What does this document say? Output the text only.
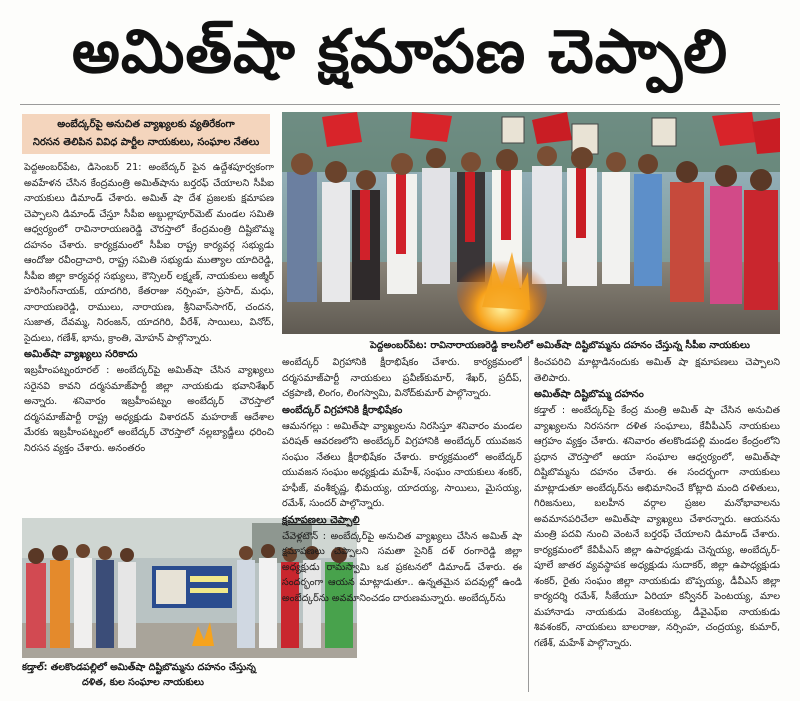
అమిత్‌షా క్షమాపణ చెప్పాలి
అంబేద్కర్‌పై అనుచిత వ్యాఖ్యలకు వ్యతిరేకంగా
నిరసన తెలిపిన వివిధ పార్టీల నాయకులు, సంఘాల నేతలు
పెద్దఅంబర్‌పేట: రావినారాయణరెడ్డి కాలనీలో అమిత్‌షా దిష్టిబొమ్మను దహనం చేస్తున్న సీపీఐ నాయకులు

పెద్దఅంబర్‌పేట, డిసెంబర్ 21: అంబేద్కర్ పైన ఉద్దేశపూర్వకంగా అవహేళన చేసిన కేంద్రమంత్రి అమిత్‌షాను బర్తరఫ్ చేయాలని సీపీఐ నాయకులు డిమాండ్ చేశారు. అమిత్ షా దేశ ప్రజలకు క్షమాపణ చెప్పాలని డిమాండ్ చేస్తూ సీపీఐ అబ్దుల్లాపూర్‌మెట్ మండల సమితి ఆధ్వర్యంలో రావినారాయణరెడ్డి చౌరస్తాలో కేంద్రమంత్రి దిష్టిబొమ్మ దహనం చేశారు. కార్యక్రమంలో సీపీఐ రాష్ట్ర కార్యవర్గ సభ్యుడు ఆందోజు రవీంద్రాచారి, రాష్ట్ర సమితి సభ్యుడు ముత్యాల యాదిరెడ్డి, సీపీఐ జిల్లా కార్యవర్గ సభ్యులు, కౌన్సిలర్ లక్ష్మణ్, నాయకులు అజ్మీర్ హరిసింగ్‌నాయక్, యాదగిరి, కేతరాజు నర్సింహ, ప్రసాద్, మధు, నారాయణరెడ్డి, రాములు, నారాయణ, శ్రీనివాస్‌సాగర్, చందన, సుజాత, దేవమ్మ, నిరంజన్, యాదగిరి, వీరేశ్, సాయిలు, వినోద్, సైదులు, గణేశ్, భాను, క్రాంతి, మోహన్ పాల్గొన్నారు.

అమిత్‌షా వ్యాఖ్యలు సరికాదు

ఇబ్రహీంపట్నంరూరల్ : అంబేద్కర్‌పై అమిత్‌షా చేసిన వ్యాఖ్యలు సరైనవి కావని దర్మసమాజ్‌పార్టీ జిల్లా నాయకుడు భవానిశేఖర్ అన్నారు. శనివారం ఇబ్రహీంపట్నం అంబేద్కర్ చౌరస్తాలో దర్మసమాజ్‌పార్టీ రాష్ట్ర అధ్యక్షుడు విశారదన్ మహరాజ్ ఆదేశాల మేరకు ఇబ్రహీంపట్నంలో అంబేద్కర్ చౌరస్తాలో నల్లబ్యాడ్జీలు ధరించి నిరసన వ్యక్తం చేశారు. అనంతరం

కడ్తాల్: తలకొండపల్లిలో అమిత్‌షా దిష్టిబొమ్మను దహనం చేస్తున్న
దళిత, కుల సంఘాల నాయకులు

అంబేద్కర్ విగ్రహానికి క్షీరాభిషేకం చేశారు. కార్యక్రమంలో దర్మసమాజ్‌పార్టీ నాయకులు ప్రవీణ్‌కుమార్, శేఖర్, ప్రదీప్, చక్రపాణి, లింగం, లింగస్వామి, వినోద్‌కుమార్ పాల్గొన్నారు.

అంబేద్కర్ విగ్రహానికి క్షీరాభిషేకం

ఆమనగల్లు : అమిత్‌షా వ్యాఖ్యలను నిరసిస్తూ శనివారం మండల పరిషత్ ఆవరణలోని అంబేద్కర్ విగ్రహానికి అంబేద్కర్ యువజన సంఘం నేతలు క్షీరాభిషేకం చేశారు. కార్యక్రమంలో అంబేద్కర్ యువజన సంఘం అధ్యక్షుడు మహేశ్, సంఘం నాయకులు శంకర్, హఫీజ్, వంశీకృష్ణ, భీమయ్య, యాదయ్య, సాయిలు, మైసయ్య, రమేశ్, సుందర్ పాల్గొన్నారు.

క్షమాపణలు చెప్పాలి

చేవెళ్లటౌన్ : అంబేద్కర్‌పై అనుచిత వ్యాఖ్యలు చేసిన అమిత్ షా క్షమాపణలు చెప్పాలని సమతా సైనిక్ దళ్ రంగారెడ్డి జిల్లా అధ్యక్షుడు రామస్వామి ఒక ప్రకటనలో డిమాండ్ చేశారు. ఈ సందర్భంగా ఆయన మాట్లాడుతూ.. ఉన్నతమైన పదవుల్లో ఉండి అంబేద్కర్‌ను అవమానించడం దారుణమన్నారు. అంబేద్కర్‌ను

కించపరిచి మాట్లాడినందుకు అమిత్ షా క్షమాపణలు చెప్పాలని తెలిపారు.

అమిత్‌షా దిష్టిబొమ్మ దహనం

కడ్తాల్ : అంబేద్కర్‌పై కేంద్ర మంత్రి అమిత్ షా చేసిన అనుచిత వ్యాఖ్యలను నిరసనగా దళిత సంఘాలు, కేవీపీఎస్ నాయకులు ఆగ్రహం వ్యక్తం చేశారు. శనివారం తలకొండపల్లి మండల కేంద్రంలోని ప్రధాన చౌరస్తాలో ఆయా సంఘాల ఆధ్వర్యంలో, అమిత్‌షా దిష్టిబొమ్మను దహనం చేశారు. ఈ సందర్భంగా నాయకులు మాట్లాడుతూ అంబేద్కర్‌ను అభిమానించే కోట్లాది మంది దళితులు, గిరిజనులు, బలహీన వర్గాల ప్రజల మనోభావాలను అవమానపరిచేలా అమిత్‌షా వ్యాఖ్యలు చేశారన్నారు. ఆయనను మంత్రి పదవి నుంచి వెంటనే బర్తరఫ్ చేయాలని డిమాండ్ చేశారు. కార్యక్రమంలో కేవీపీఎస్ జిల్లా ఉపాధ్యక్షుడు చెన్నయ్య, అంబేద్కర్-పూలే జాతర వ్యవస్థాపక అధ్యక్షుడు సుదాకర్, జిల్లా ఉపాధ్యక్షుడు శంకర్, రైతు సంఘం జిల్లా నాయకుడు బొప్పయ్య, డీవీఎస్ జిల్లా కార్యదర్శి రమేశ్, సీజేయూ ఏరియా కన్వీనర్ పెంటయ్య, మాల మహానాడు నాయకుడు వెంకటయ్య, డీవైఎఫ్ఐ నాయకుడు శివశంకర్, నాయకులు బాలరాజు, నర్సింహ, చంద్రయ్య, కుమార్, గణేశ్, మహేశ్ పాల్గొన్నారు.
